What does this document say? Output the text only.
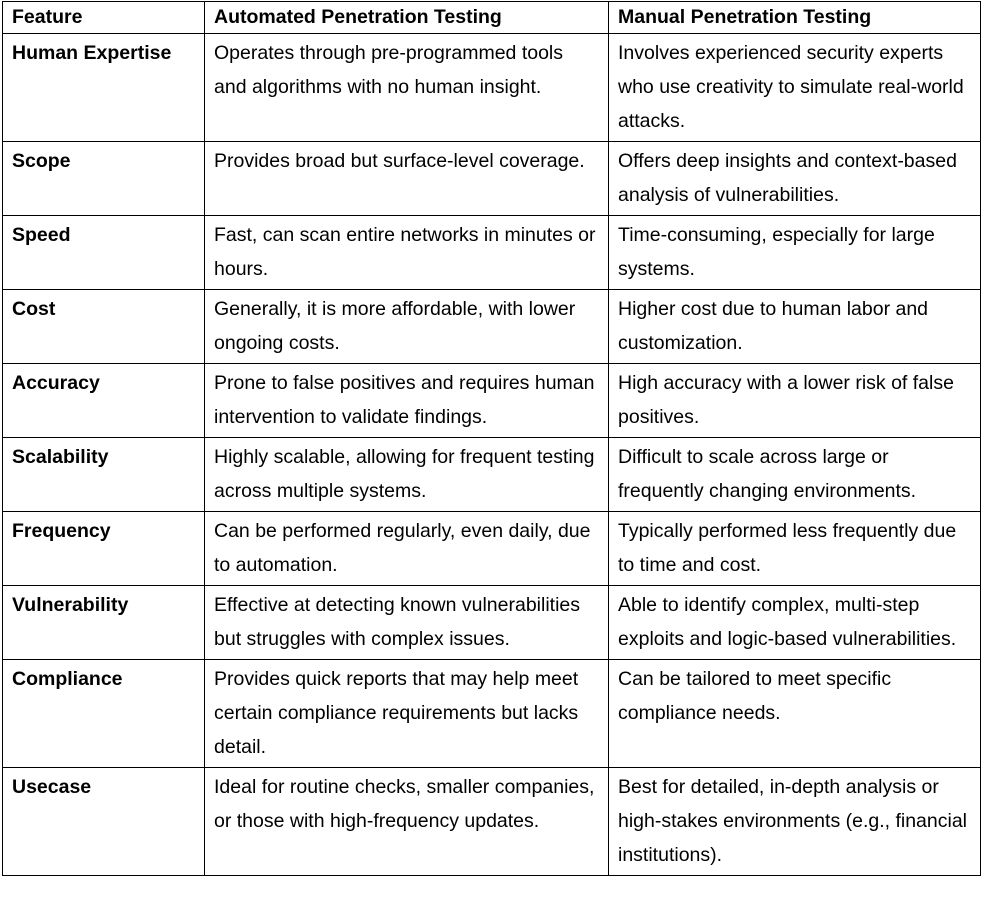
Feature	Automated Penetration Testing	Manual Penetration Testing
Human Expertise	Operates through pre-programmed tools and algorithms with no human insight.	Involves experienced security experts who use creativity to simulate real-world attacks.
Scope	Provides broad but surface-level coverage.	Offers deep insights and context-based analysis of vulnerabilities.
Speed	Fast, can scan entire networks in minutes or hours.	Time-consuming, especially for large systems.
Cost	Generally, it is more affordable, with lower ongoing costs.	Higher cost due to human labor and customization.
Accuracy	Prone to false positives and requires human intervention to validate findings.	High accuracy with a lower risk of false positives.
Scalability	Highly scalable, allowing for frequent testing across multiple systems.	Difficult to scale across large or frequently changing environments.
Frequency	Can be performed regularly, even daily, due to automation.	Typically performed less frequently due to time and cost.
Vulnerability	Effective at detecting known vulnerabilities but struggles with complex issues.	Able to identify complex, multi-step exploits and logic-based vulnerabilities.
Compliance	Provides quick reports that may help meet certain compliance requirements but lacks detail.	Can be tailored to meet specific compliance needs.
Usecase	Ideal for routine checks, smaller companies, or those with high-frequency updates.	Best for detailed, in-depth analysis or high-stakes environments (e.g., financial institutions).
